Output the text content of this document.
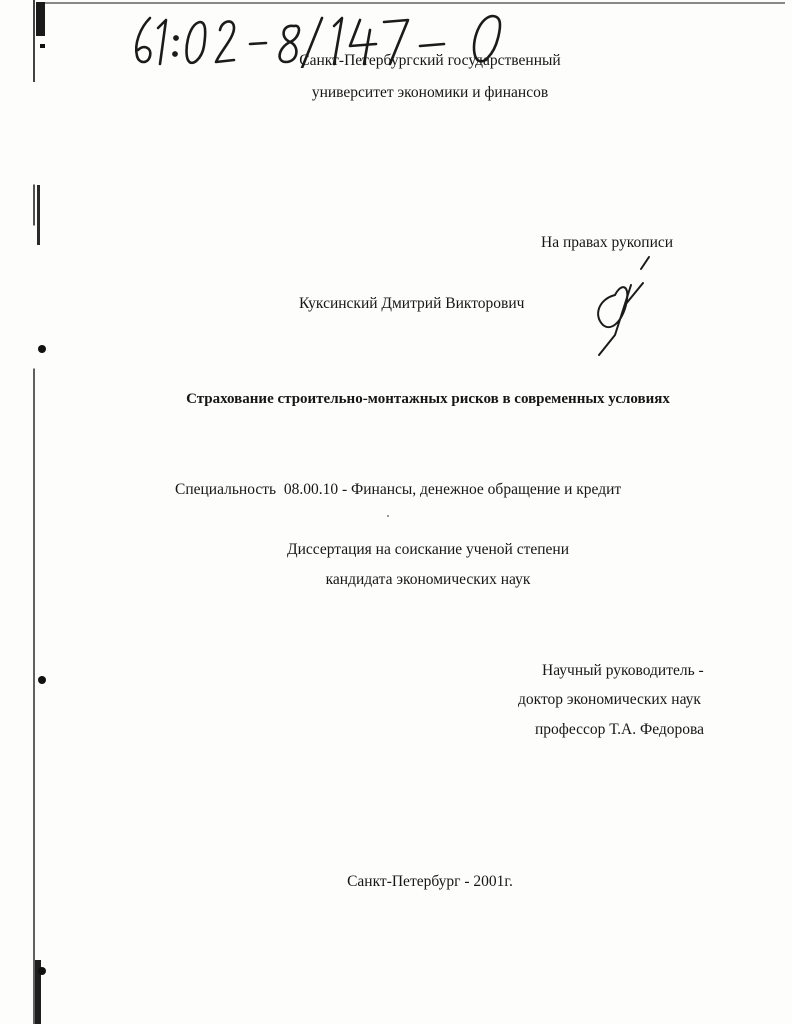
Санкт-Петербургский государственный
университет экономики и финансов
На правах рукописи
Куксинский Дмитрий Викторович
Страхование строительно-монтажных рисков в современных условиях
Специальность 08.00.10 - Финансы, денежное обращение и кредит
Диссертация на соискание ученой степени
кандидата экономических наук
Научный руководитель -
доктор экономических наук
профессор Т.А. Федорова
Санкт-Петербург - 2001г.
